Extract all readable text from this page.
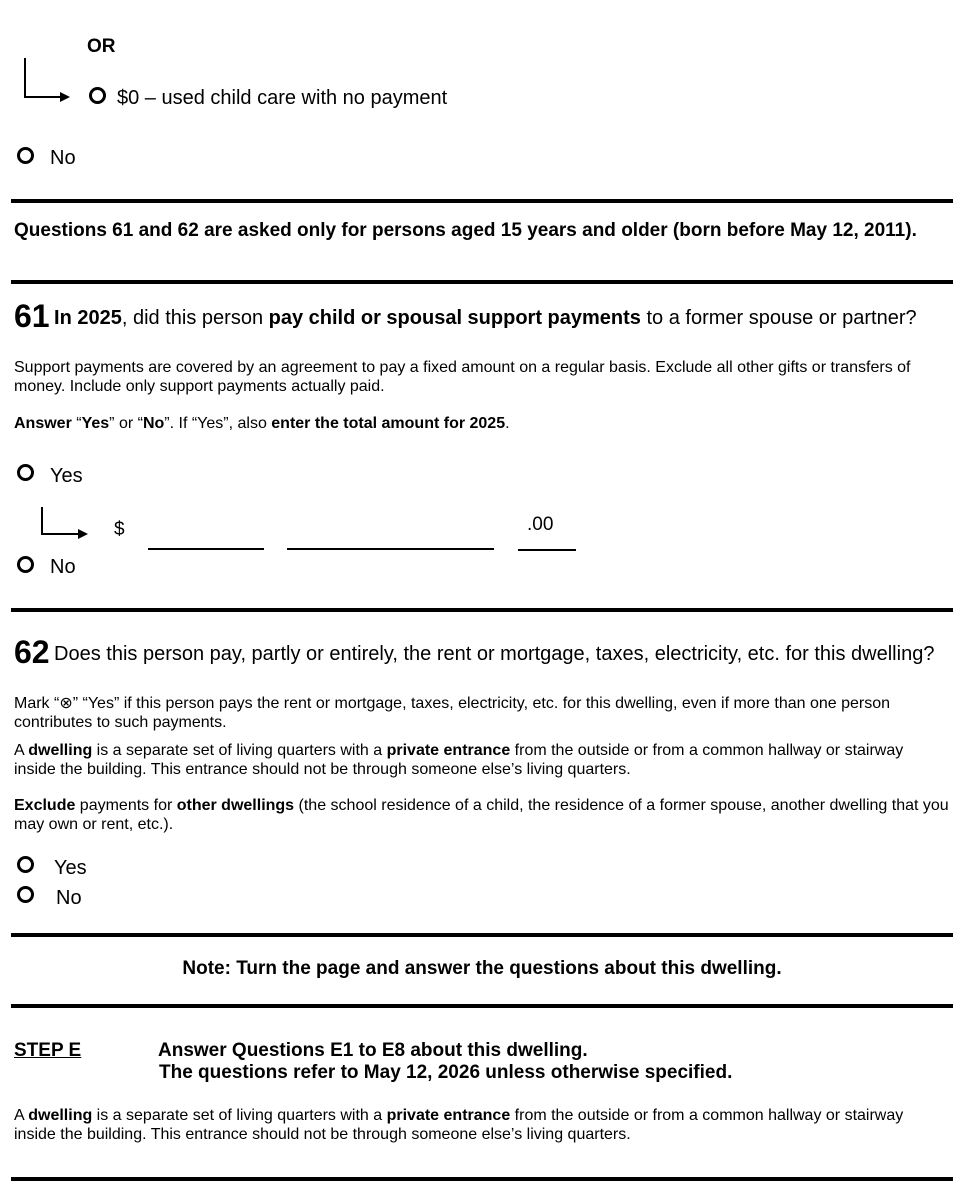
OR
$0 – used child care with no payment
No
Questions 61 and 62 are asked only for persons aged 15 years and older (born before May 12, 2011).
61 In 2025, did this person pay child or spousal support payments to a former spouse or partner?
Support payments are covered by an agreement to pay a fixed amount on a regular basis. Exclude all other gifts or transfers of money. Include only support payments actually paid.
Answer “Yes” or “No”. If “Yes”, also enter the total amount for 2025.
Yes
$	.00
No
62 Does this person pay, partly or entirely, the rent or mortgage, taxes, electricity, etc. for this dwelling?
Mark “⊗” “Yes” if this person pays the rent or mortgage, taxes, electricity, etc. for this dwelling, even if more than one person contributes to such payments.
A dwelling is a separate set of living quarters with a private entrance from the outside or from a common hallway or stairway inside the building. This entrance should not be through someone else’s living quarters.
Exclude payments for other dwellings (the school residence of a child, the residence of a former spouse, another dwelling that you may own or rent, etc.).
Yes
No
Note: Turn the page and answer the questions about this dwelling.
STEP E	Answer Questions E1 to E8 about this dwelling.
The questions refer to May 12, 2026 unless otherwise specified.
A dwelling is a separate set of living quarters with a private entrance from the outside or from a common hallway or stairway inside the building. This entrance should not be through someone else’s living quarters.
